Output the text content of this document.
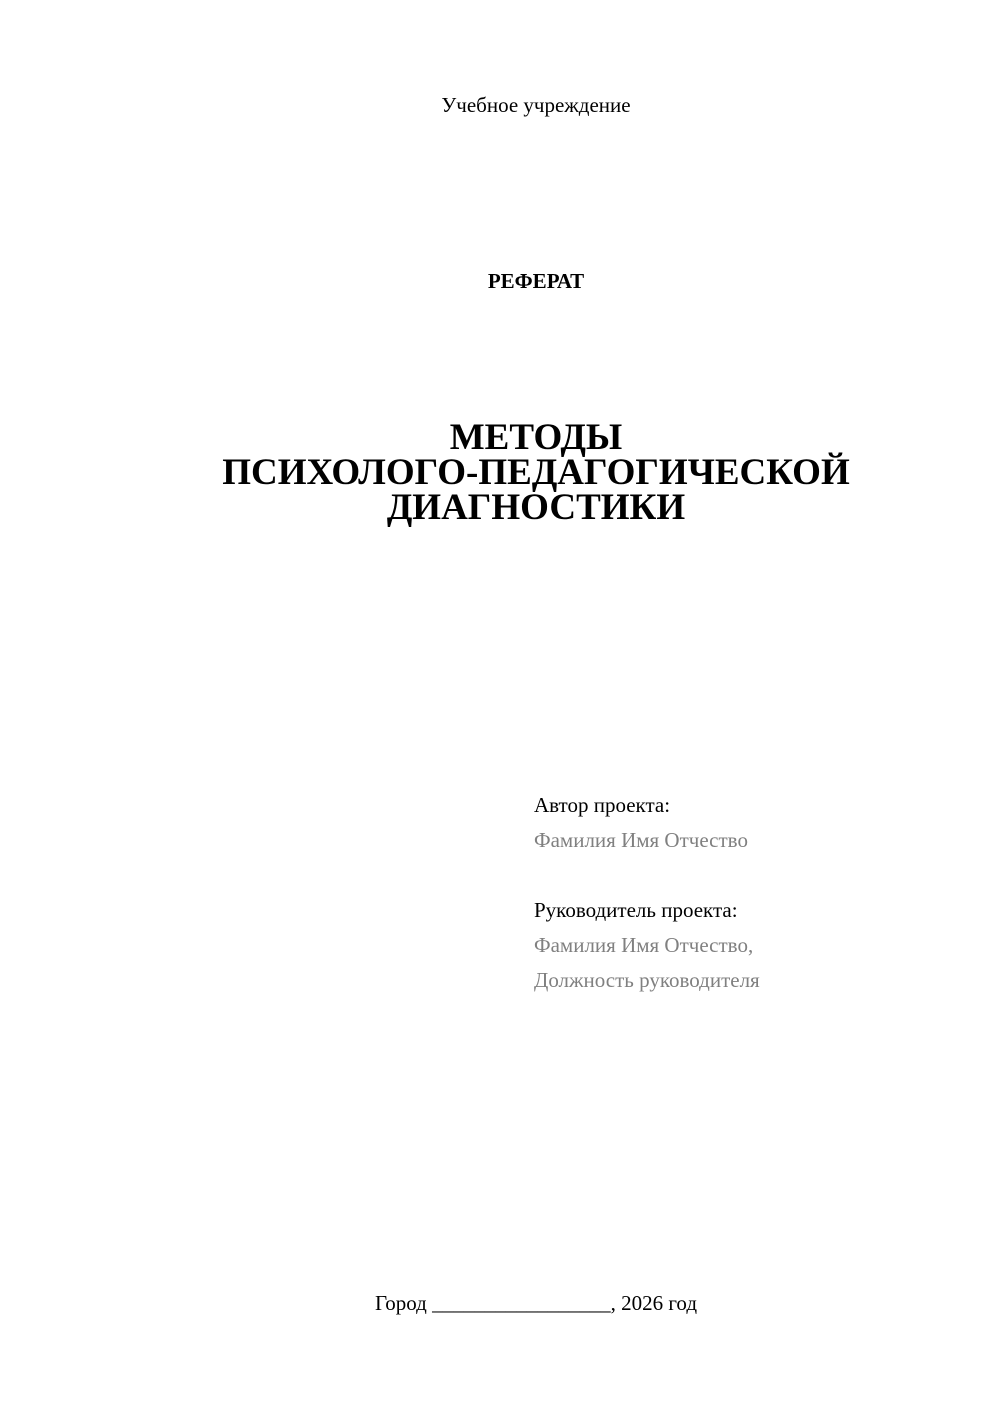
Учебное учреждение
РЕФЕРАТ
МЕТОДЫ
ПСИХОЛОГО-ПЕДАГОГИЧЕСКОЙ
ДИАГНОСТИКИ
Автор проекта:
Фамилия Имя Отчество
Руководитель проекта:
Фамилия Имя Отчество,
Должность руководителя
Город _________________, 2026 год
